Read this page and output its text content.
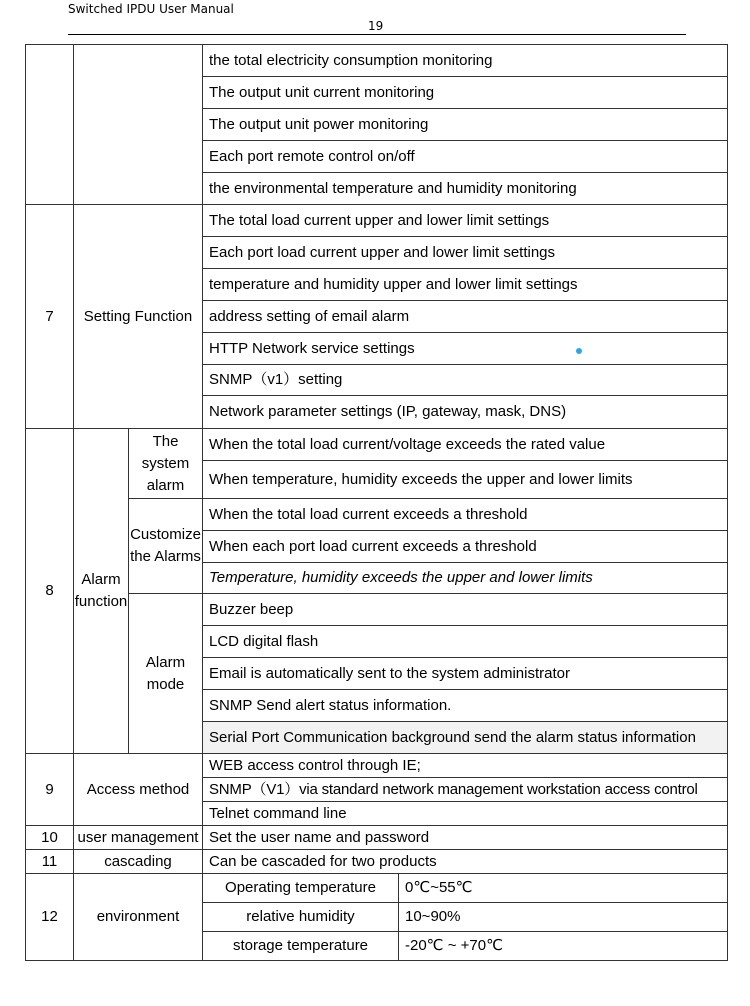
Switched IPDU User Manual
19
			the total electricity consumption monitoring	
			The output unit current monitoring	
			The output unit power monitoring	
			Each port remote control on/off	
			the environmental temperature and humidity monitoring	
7	Setting Function		The total load current upper and lower limit settings	
			Each port load current upper and lower limit settings	
			temperature and humidity upper and lower limit settings	
			address setting of email alarm	
			HTTP Network service settings	
			SNMP（v1）setting	
			Network parameter settings (IP, gateway, mask, DNS)	
8	Alarm function	The system alarm	When the total load current/voltage exceeds the rated value	
			When temperature, humidity exceeds the upper and lower limits	
		Customize the Alarms	When the total load current exceeds a threshold	
			When each port load current exceeds a threshold	
			Temperature, humidity exceeds the upper and lower limits	
		Alarm mode	Buzzer beep	
			LCD digital flash	
			Email is automatically sent to the system administrator	
			SNMP Send alert status information.	
			Serial Port Communication background send the alarm status information	
9	Access method		WEB access control through IE;	
			SNMP（V1）via standard network management workstation access control	
			Telnet command line	
10	user management		Set the user name and password	
11	cascading		Can be cascaded for two products	
12	environment		Operating temperature	0℃~55℃
			relative humidity	10~90%
			storage temperature	-20℃ ~ +70℃
